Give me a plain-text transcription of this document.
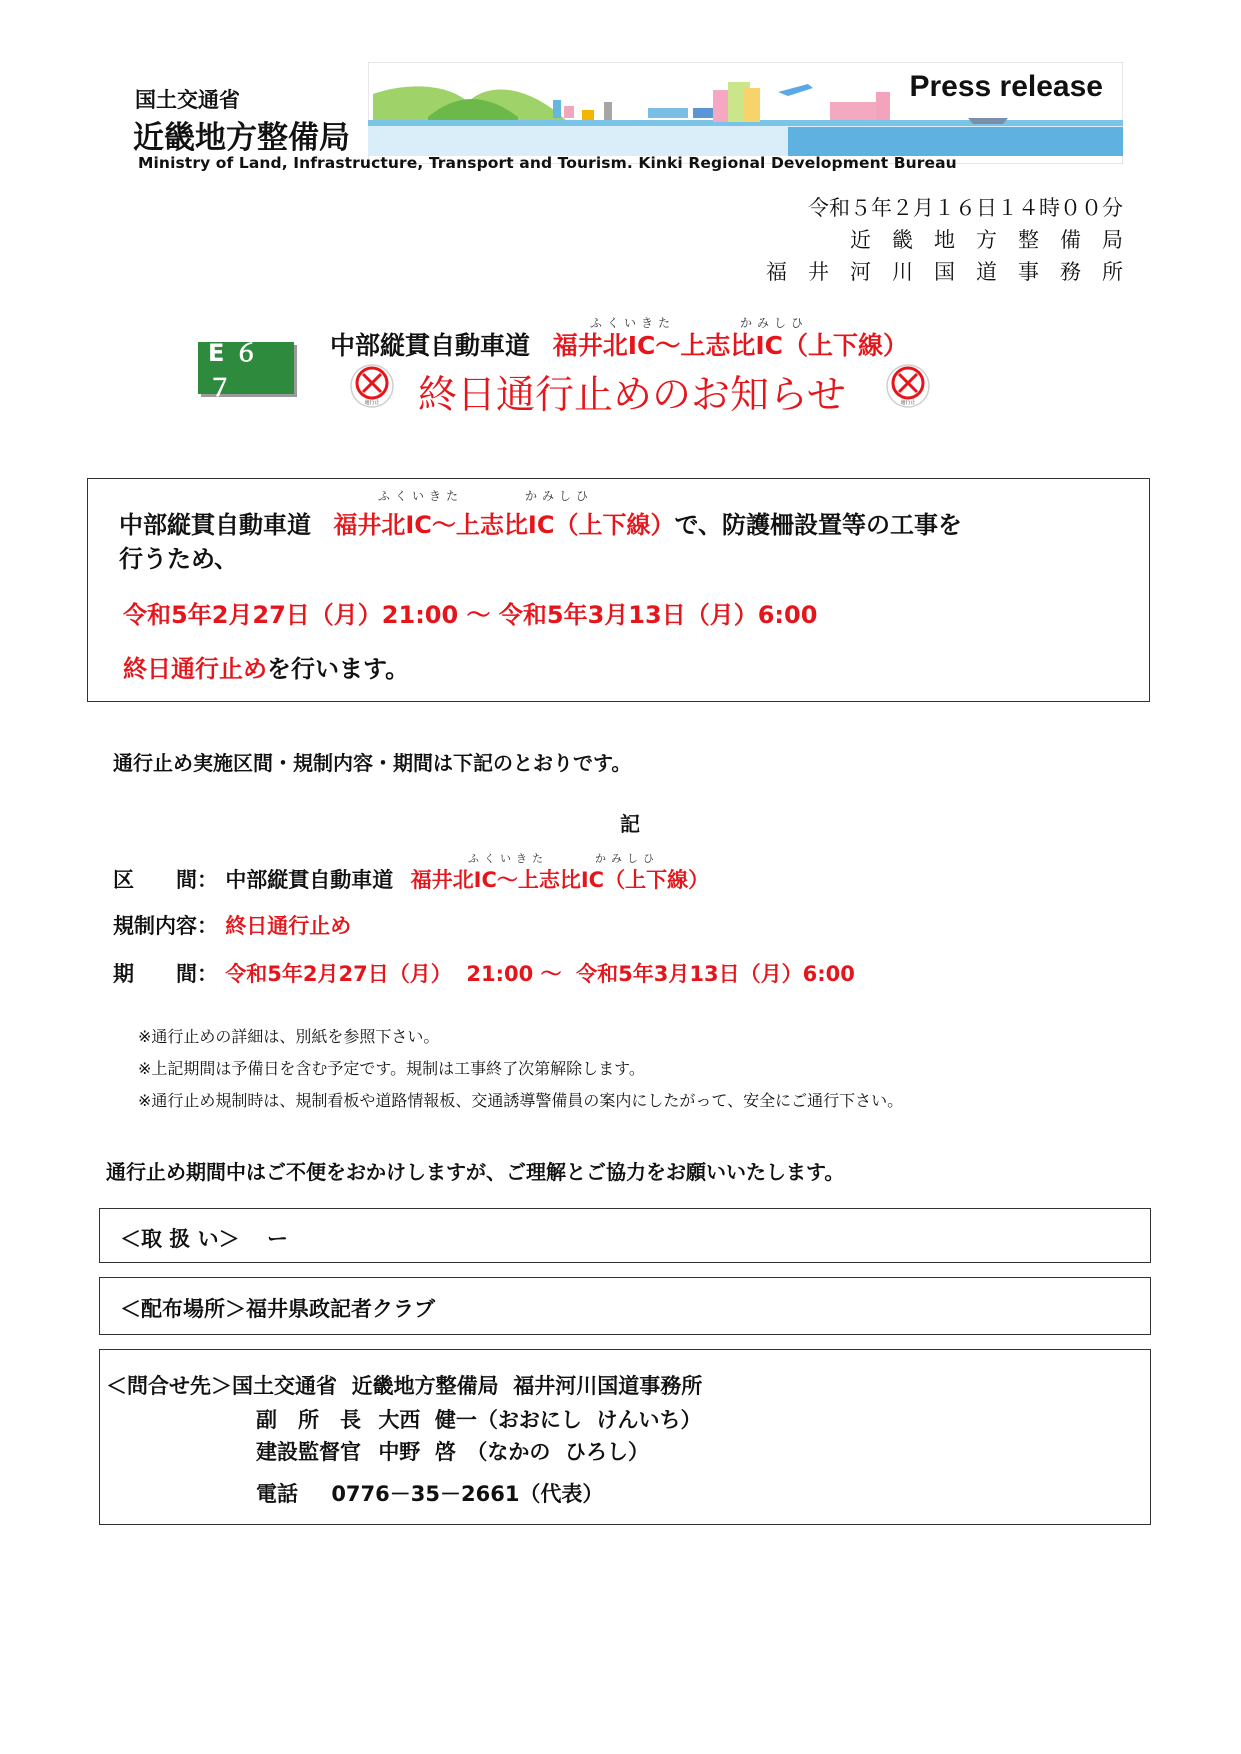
国土交通省
近畿地方整備局
Press release
Ministry of Land, Infrastructure, Transport and Tourism. Kinki Regional Development Bureau
令和５年２月１６日１４時００分
近　畿　地　方　整　備　局
福　井　河　川　国　道　事　務　所
E６７
ふくいきた	かみしひ
中部縦貫自動車道 福井北IC～上志比IC（上下線）
通行止 終日通行止めのお知らせ	通行止
ふくいきた	かみしひ
中部縦貫自動車道 福井北IC～上志比IC（上下線）で、防護柵設置等の工事を
行うため、
令和5年2月27日（月）21:00 ～ 令和5年3月13日（月）6:00
終日通行止めを行います。
通行止め実施区間・規制内容・期間は下記のとおりです。
記
ふくいきた	かみしひ
区　　間： 中部縦貫自動車道 福井北IC～上志比IC（上下線）
規制内容： 終日通行止め
期　　間： 令和5年2月27日（月）  21:00 ～  令和5年3月13日（月）6:00
※通行止めの詳細は、別紙を参照下さい。
※上記期間は予備日を含む予定です。規制は工事終了次第解除します。
※通行止め規制時は、規制看板や道路情報板、交通誘導警備員の案内にしたがって、安全にご通行下さい。
通行止め期間中はご不便をおかけしますが、ご理解とご協力をお願いいたします。
＜取 扱 い＞ ー
＜配布場所＞福井県政記者クラブ
＜問合せ先＞国土交通省  近畿地方整備局  福井河川国道事務所
副　所　長 大西  健一（おおにし  けんいち）
建設監督官 中野  啓　（なかの  ひろし）
電話 0776－35－2661（代表）
